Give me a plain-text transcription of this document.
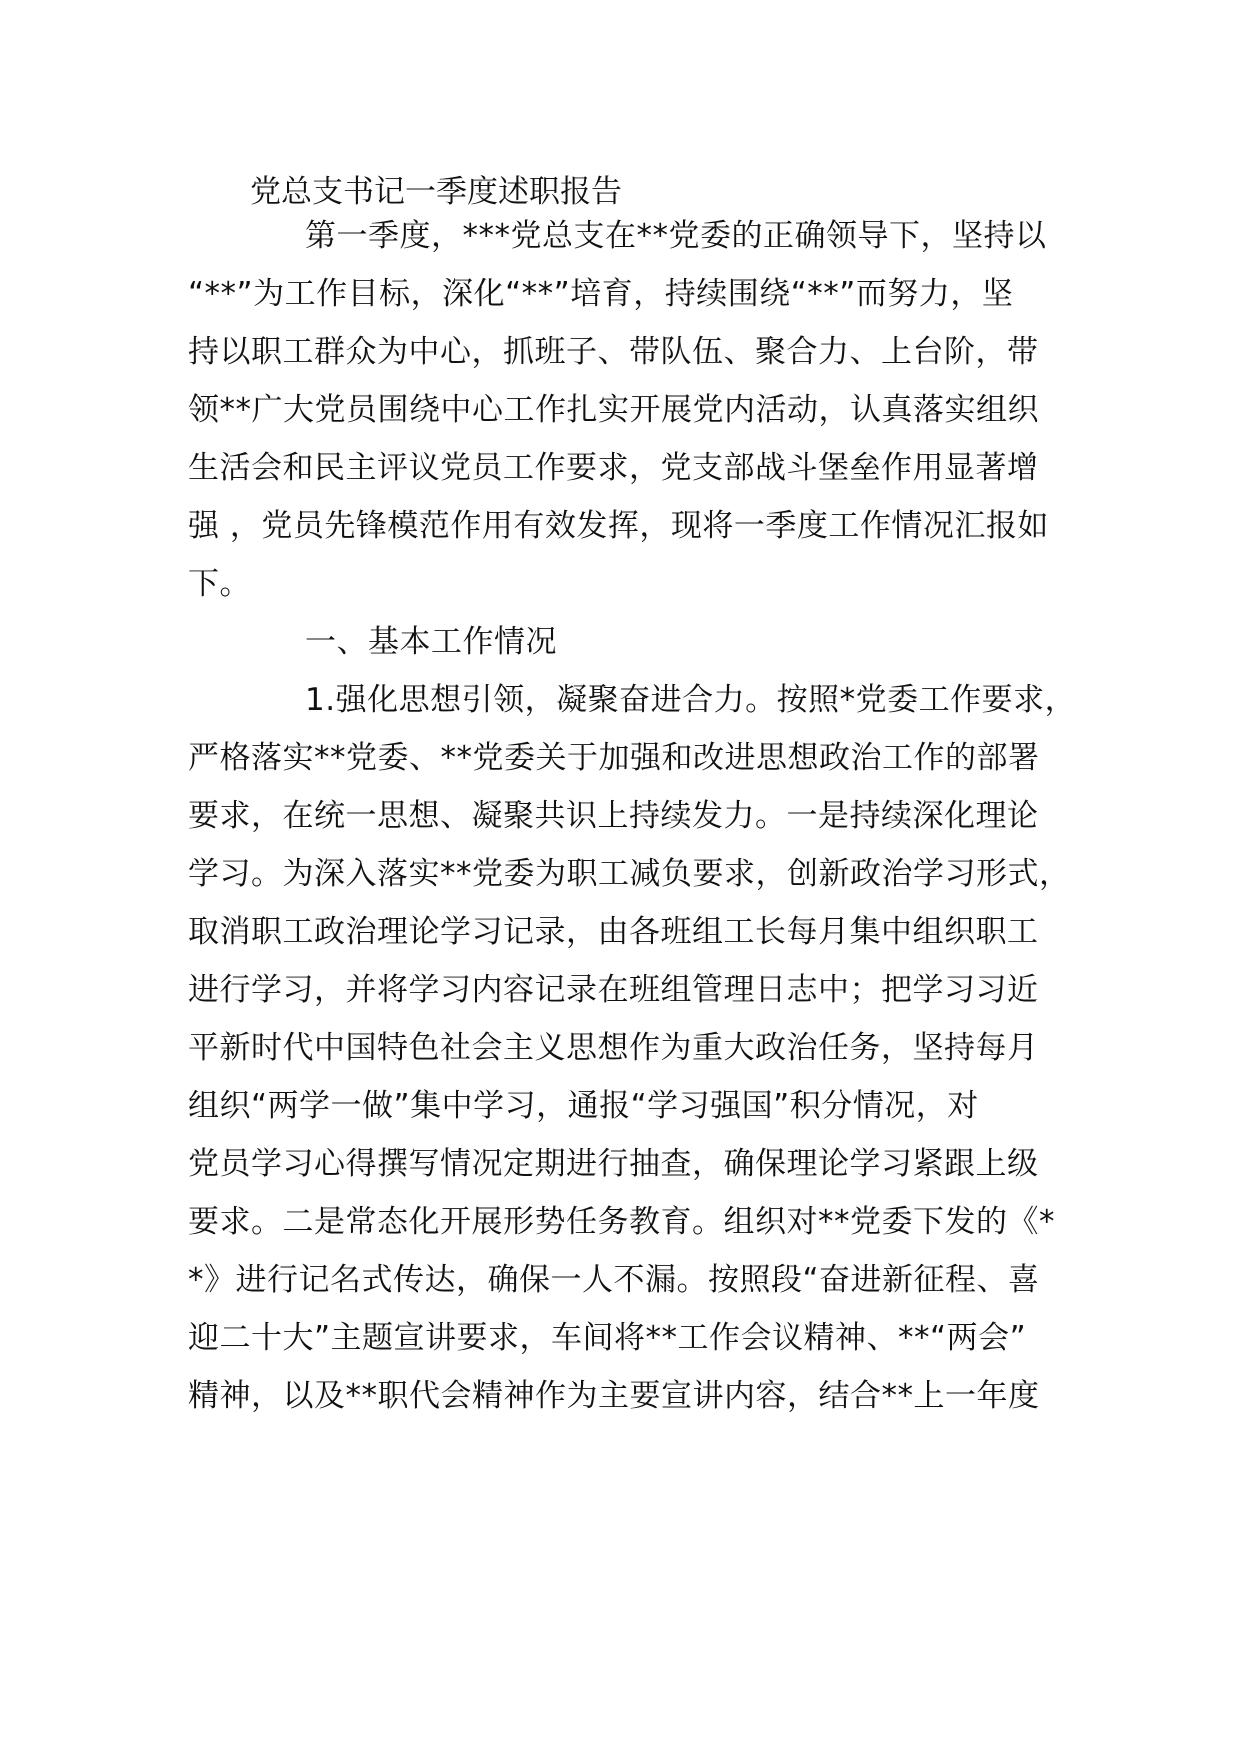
党总支书记一季度述职报告
第一季度，***党总支在**党委的正确领导下，坚持以
“**”为工作目标，深化“**”培育，持续围绕“**”而努力，坚
持以职工群众为中心，抓班子、带队伍、聚合力、上台阶，带
领**广大党员围绕中心工作扎实开展党内活动，认真落实组织
生活会和民主评议党员工作要求，党支部战斗堡垒作用显著增
强 ，党员先锋模范作用有效发挥，现将一季度工作情况汇报如
下。
一、基本工作情况
1.强化思想引领，凝聚奋进合力。按照*党委工作要求，
严格落实**党委、**党委关于加强和改进思想政治工作的部署
要求，在统一思想、凝聚共识上持续发力。一是持续深化理论
学习。为深入落实**党委为职工减负要求，创新政治学习形式，
取消职工政治理论学习记录，由各班组工长每月集中组织职工
进行学习，并将学习内容记录在班组管理日志中；把学习习近
平新时代中国特色社会主义思想作为重大政治任务，坚持每月
组织“两学一做”集中学习，通报“学习强国”积分情况，对
党员学习心得撰写情况定期进行抽查，确保理论学习紧跟上级
要求。二是常态化开展形势任务教育。组织对**党委下发的《*
*》进行记名式传达，确保一人不漏。按照段“奋进新征程、喜
迎二十大”主题宣讲要求，车间将**工作会议精神、**“两会”
精神，以及**职代会精神作为主要宣讲内容，结合**上一年度
